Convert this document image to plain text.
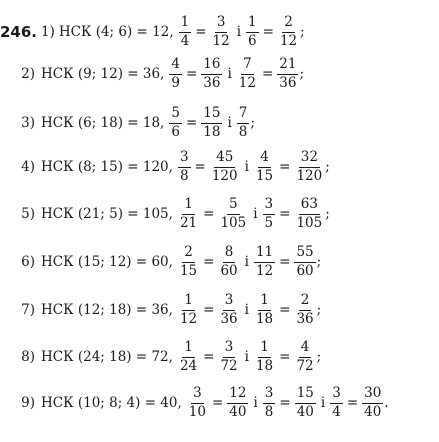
246. 1) НСК (4; 6) = 12, $\frac{1}{4} = \frac{3}{12}$ і $\frac{1}{6} = \frac{2}{12}$ ;
2) НСК (9; 12) = 36, $\frac{4}{9} = \frac{16}{36}$ і $\frac{7}{12} = \frac{21}{36}$ ;
3) НСК (6; 18) = 18, $\frac{5}{6} = \frac{15}{18}$ і $\frac{7}{8}$ ;
4) НСК (8; 15) = 120, $\frac{3}{8} = \frac{45}{120}$ і $\frac{4}{15} = \frac{32}{120}$ ;
5) НСК (21; 5) = 105, $\frac{1}{21} = \frac{5}{105}$ і $\frac{3}{5} = \frac{63}{105}$ ;
6) НСК (15; 12) = 60, $\frac{2}{15} = \frac{8}{60}$ і $\frac{11}{12} = \frac{55}{60}$ ;
7) НСК (12; 18) = 36, $\frac{1}{12} = \frac{3}{36}$ і $\frac{1}{18} = \frac{2}{36}$ ;
8) НСК (24; 18) = 72, $\frac{1}{24} = \frac{3}{72}$ і $\frac{1}{18} = \frac{4}{72}$ ;
9) НСК (10; 8; 4) = 40, $\frac{3}{10} = \frac{12}{40}$ і $\frac{3}{8} = \frac{15}{40}$ і $\frac{3}{4} = \frac{30}{40}$ .
